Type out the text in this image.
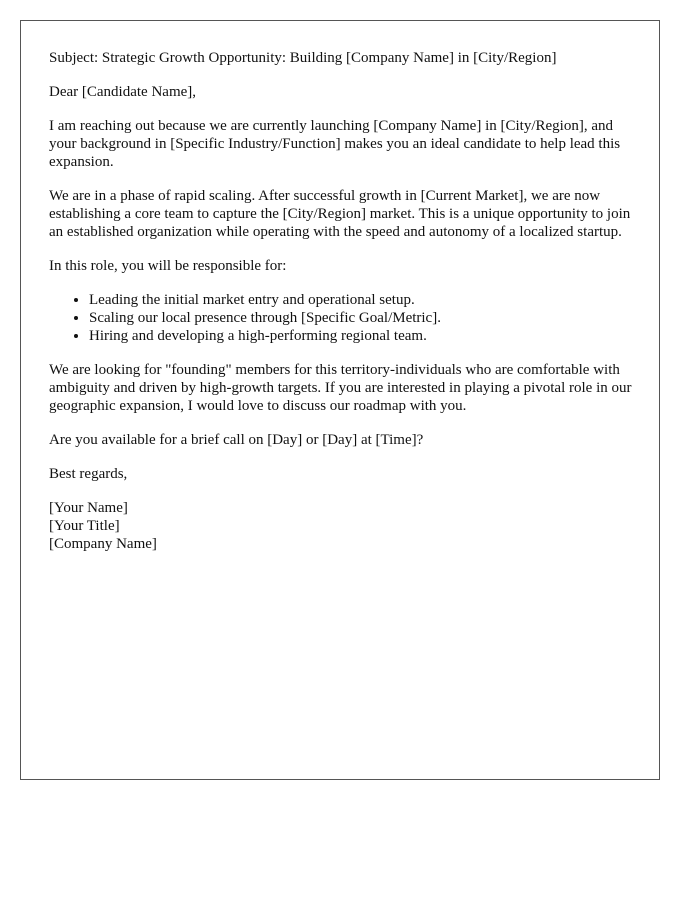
Subject: Strategic Growth Opportunity: Building [Company Name] in [City/Region]

Dear [Candidate Name],

I am reaching out because we are currently launching [Company Name] in [City/Region], and your background in [Specific Industry/Function] makes you an ideal candidate to help lead this expansion.

We are in a phase of rapid scaling. After successful growth in [Current Market], we are now establishing a core team to capture the [City/Region] market. This is a unique opportunity to join an established organization while operating with the speed and autonomy of a localized startup.

In this role, you will be responsible for:

• Leading the initial market entry and operational setup.
• Scaling our local presence through [Specific Goal/Metric].
• Hiring and developing a high-performing regional team.

We are looking for "founding" members for this territory-individuals who are comfortable with ambiguity and driven by high-growth targets. If you are interested in playing a pivotal role in our geographic expansion, I would love to discuss our roadmap with you.

Are you available for a brief call on [Day] or [Day] at [Time]?

Best regards,

[Your Name]
[Your Title]
[Company Name]
